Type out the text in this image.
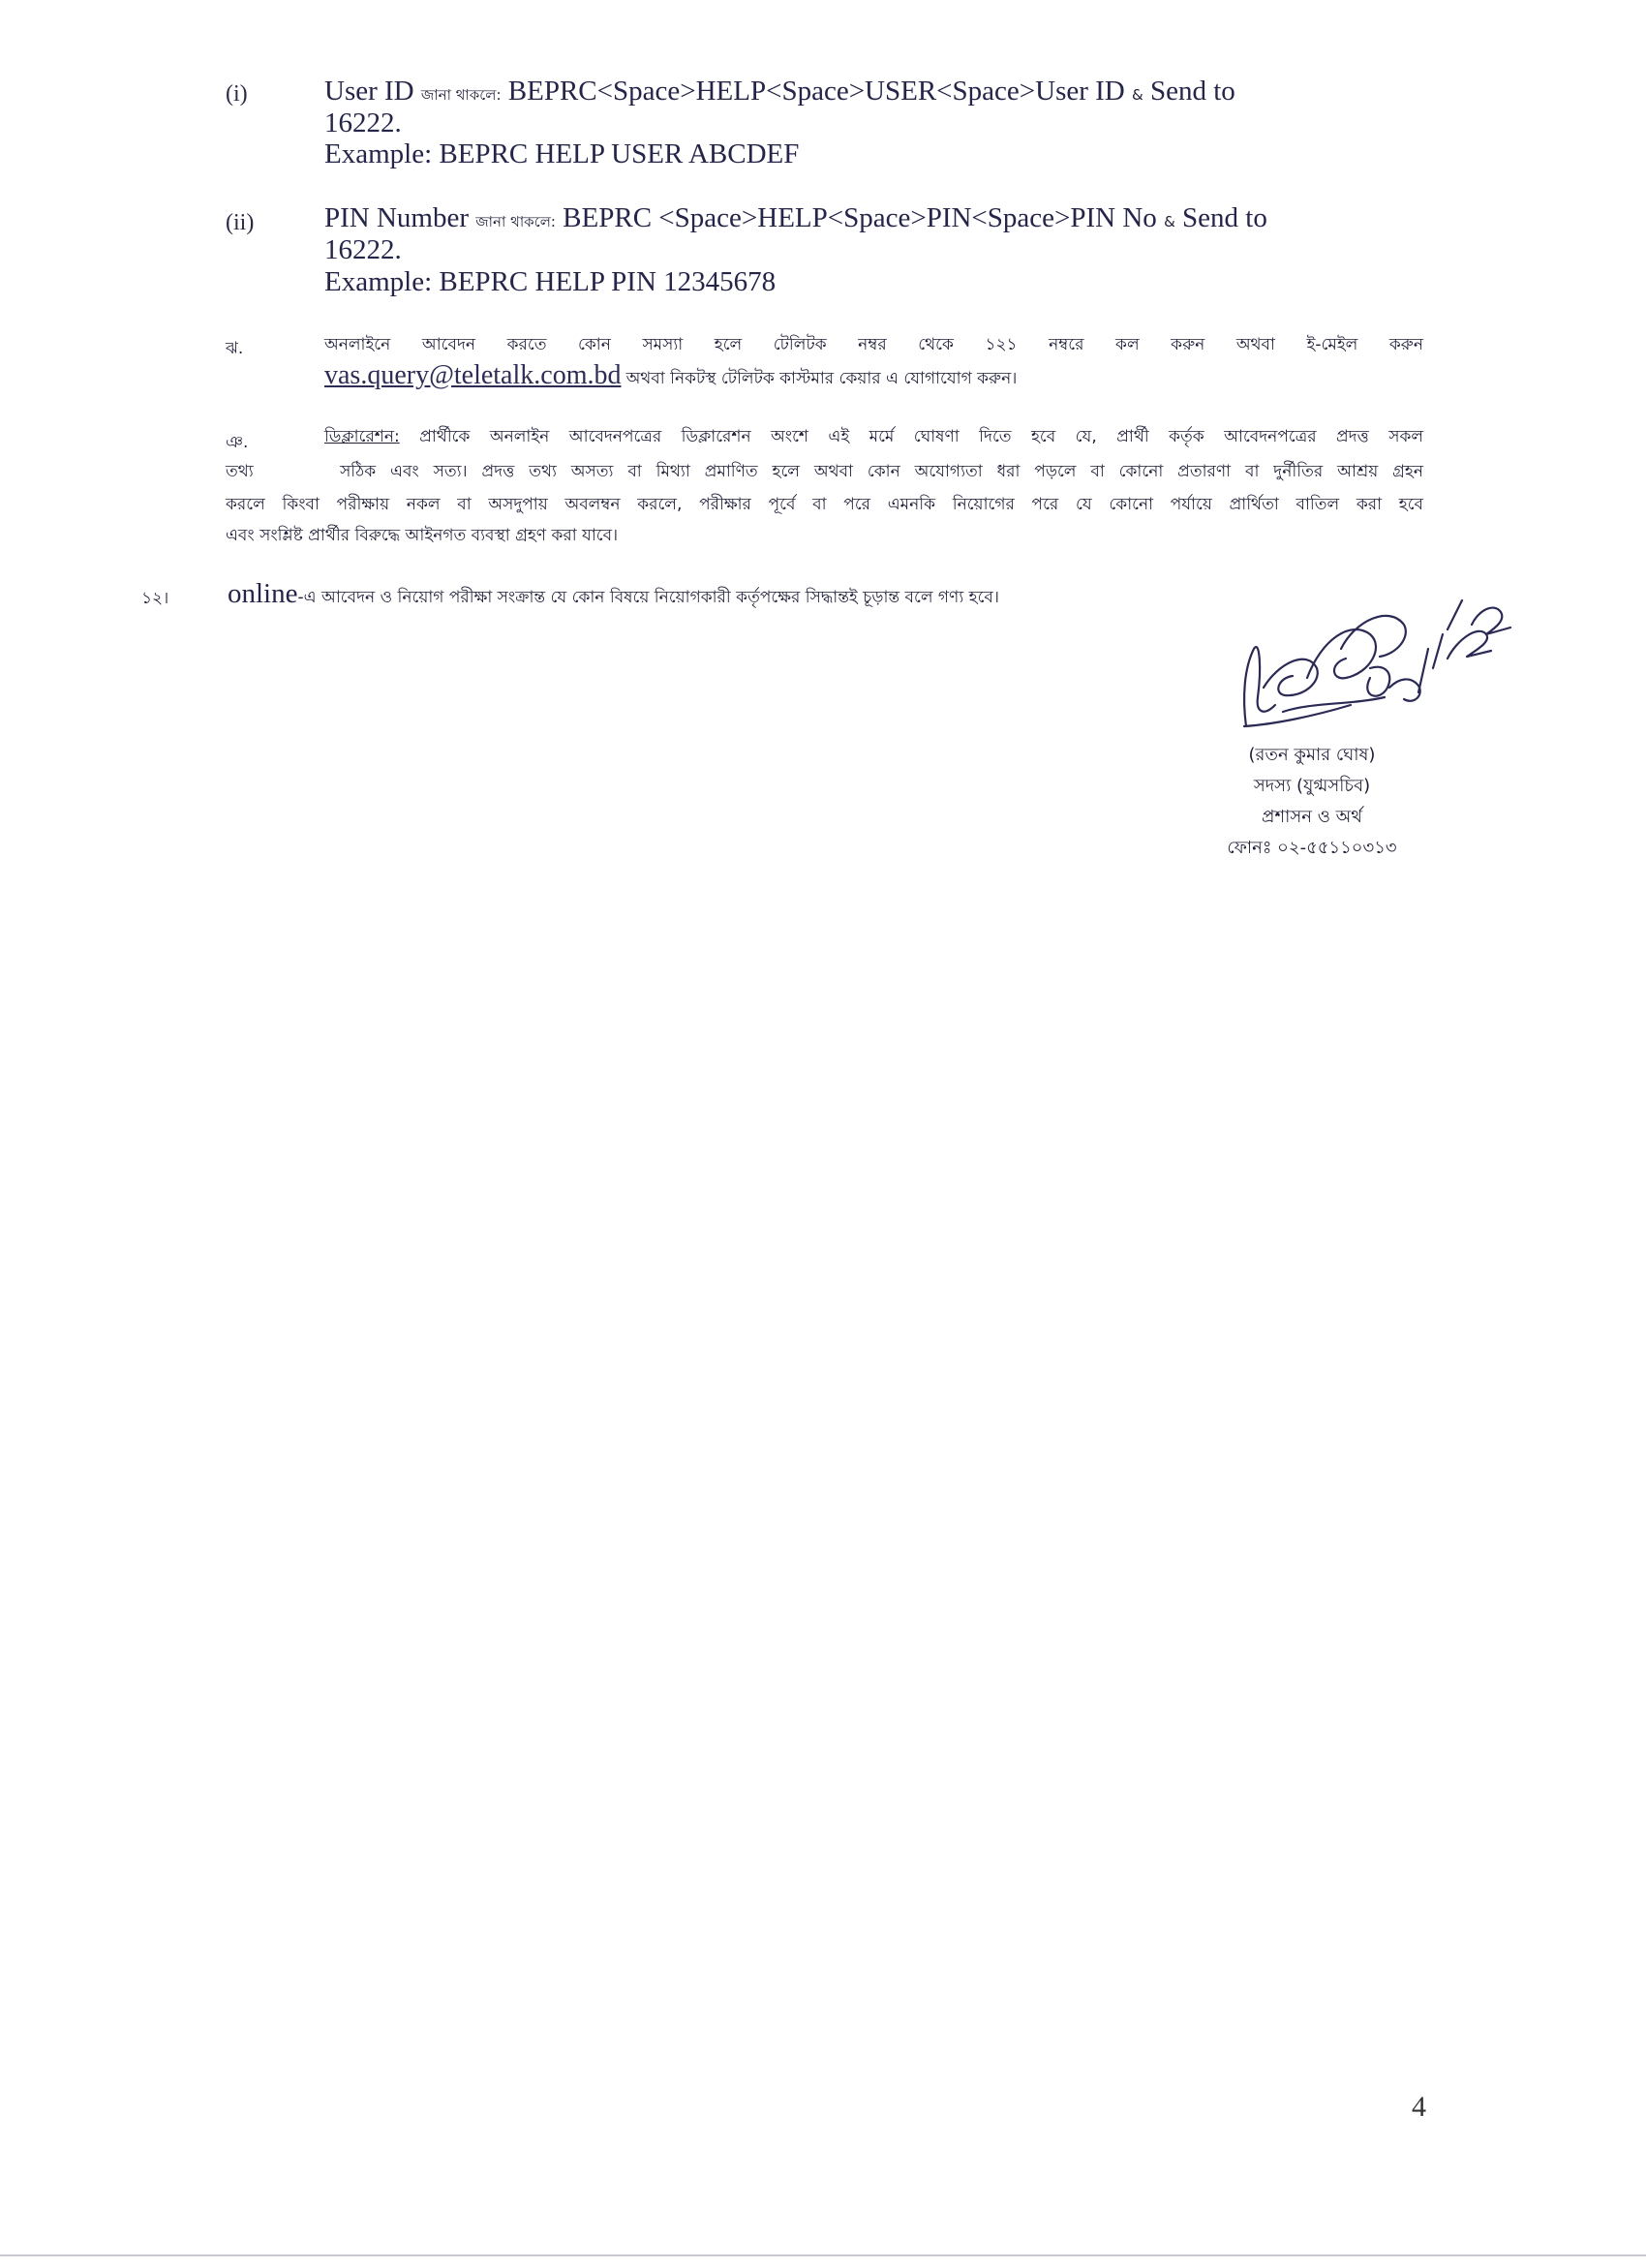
(i)	User ID জানা থাকলে: BEPRC<Space>HELP<Space>USER<Space>User ID & Send to
16222.
Example: BEPRC HELP USER ABCDEF
(ii)	PIN Number জানা থাকলে: BEPRC <Space>HELP<Space>PIN<Space>PIN No & Send to
16222.
Example: BEPRC HELP PIN 12345678
ঝ.	অনলাইনে আবেদন করতে কোন সমস্যা হলে টেলিটক নম্বর থেকে ১২১ নম্বরে কল করুন অথবা ই-মেইল করুন
vas.query@teletalk.com.bd অথবা নিকটস্থ টেলিটক কাস্টমার কেয়ার এ যোগাযোগ করুন।
ঞ.	ডিক্লারেশন: প্রার্থীকে অনলাইন আবেদনপত্রের ডিক্লারেশন অংশে এই মর্মে ঘোষণা দিতে হবে যে, প্রার্থী কর্তৃক আবেদনপত্রের প্রদত্ত সকল
তথ্য      সঠিক এবং সত্য। প্রদত্ত তথ্য অসত্য বা মিথ্যা প্রমাণিত হলে অথবা কোন অযোগ্যতা ধরা পড়লে বা কোনো প্রতারণা বা দুর্নীতির আশ্রয় গ্রহন
করলে কিংবা পরীক্ষায় নকল বা অসদুপায় অবলম্বন করলে, পরীক্ষার পূর্বে বা পরে এমনকি নিয়োগের পরে যে কোনো পর্যায়ে প্রার্থিতা বাতিল করা হবে
এবং সংশ্লিষ্ট প্রার্থীর বিরুদ্ধে আইনগত ব্যবস্থা গ্রহণ করা যাবে।
১২। online-এ আবেদন ও নিয়োগ পরীক্ষা সংক্রান্ত যে কোন বিষয়ে নিয়োগকারী কর্তৃপক্ষের সিদ্ধান্তই চূড়ান্ত বলে গণ্য হবে।
(রতন কুমার ঘোষ)
সদস্য (যুগ্মসচিব)
প্রশাসন ও অর্থ
ফোনঃ ০২-৫৫১১০৩১৩
4
